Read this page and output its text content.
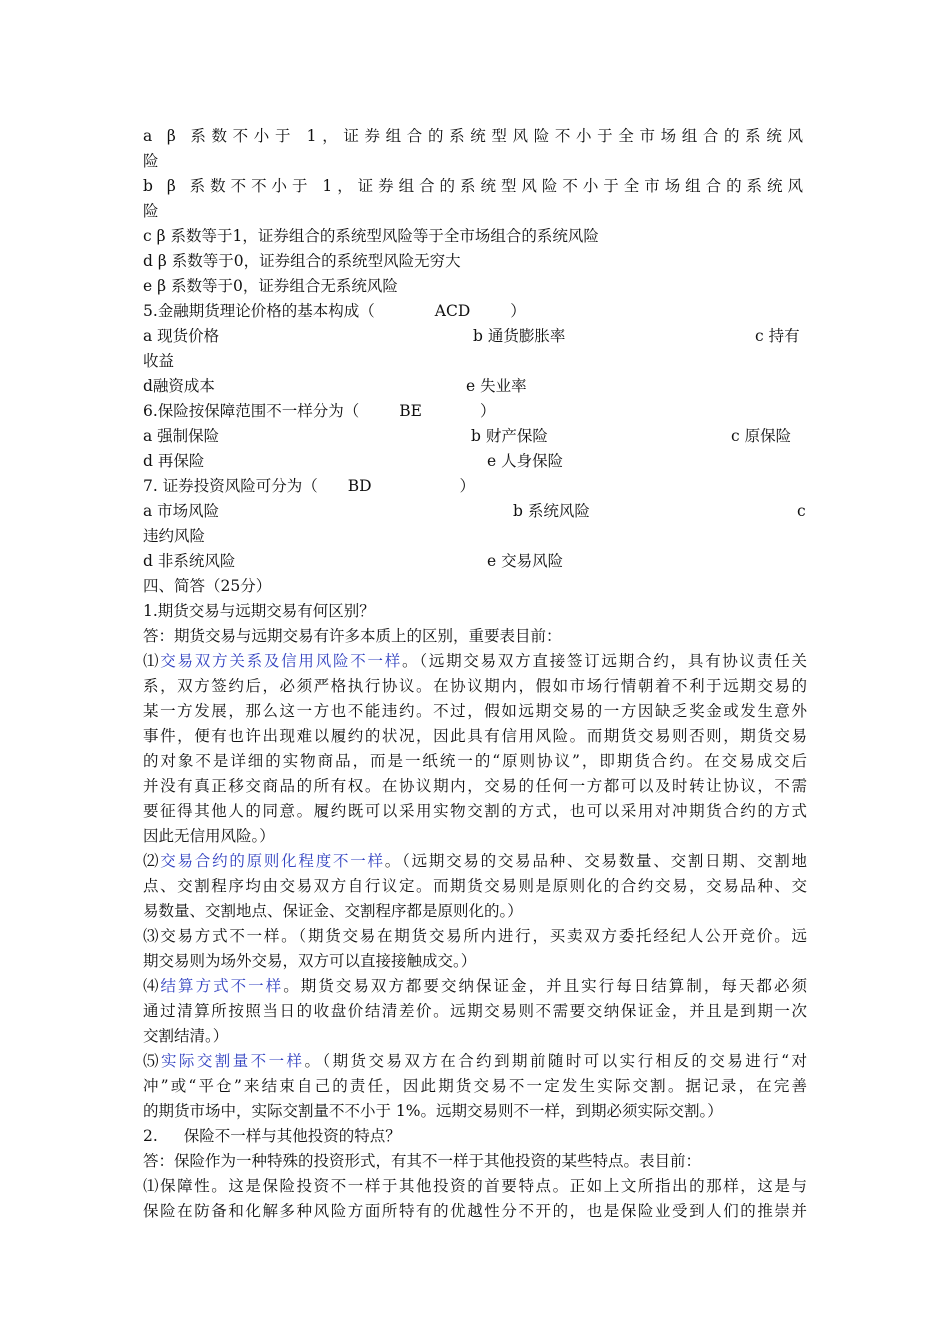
a β 系数不小于 1，证券组合的系统型风险不小于全市场组合的系统风
险
b β 系数不不小于 1，证券组合的系统型风险不小于全市场组合的系统风
险
c β 系数等于1，证券组合的系统型风险等于全市场组合的系统风险
d β 系数等于0，证券组合的系统型风险无穷大
e β 系数等于0，证券组合无系统风险
5.金融期货理论价格的基本构成（	ACD	）
a 现货价格	b 通货膨胀率	c 持有
收益
d融资成本	e 失业率
6.保险按保障范围不一样分为（	BE	）
a 强制保险	b 财产保险	c 原保险
d 再保险	e 人身保险
7. 证券投资风险可分为（ BD	）
a 市场风险	b 系统风险	c
违约风险
d 非系统风险	e 交易风险
四、简答（25分）
1.期货交易与远期交易有何区别？
答：期货交易与远期交易有许多本质上的区别，重要表目前：
⑴交易双方关系及信用风险不一样。（远期交易双方直接签订远期合约，具有协议责任关
系，双方签约后，必须严格执行协议。在协议期内，假如市场行情朝着不利于远期交易的
某一方发展，那么这一方也不能违约。不过，假如远期交易的一方因缺乏奖金或发生意外
事件，便有也许出现难以履约的状况，因此具有信用风险。而期货交易则否则，期货交易
的对象不是详细的实物商品，而是一纸统一的“原则协议”，即期货合约。在交易成交后
并没有真正移交商品的所有权。在协议期内，交易的任何一方都可以及时转让协议，不需
要征得其他人的同意。履约既可以采用实物交割的方式，也可以采用对冲期货合约的方式
因此无信用风险。）
⑵交易合约的原则化程度不一样。（远期交易的交易品种、交易数量、交割日期、交割地
点、交割程序均由交易双方自行议定。而期货交易则是原则化的合约交易，交易品种、交
易数量、交割地点、保证金、交割程序都是原则化的。）
⑶交易方式不一样。（期货交易在期货交易所内进行，买卖双方委托经纪人公开竞价。远
期交易则为场外交易，双方可以直接接触成交。）
⑷结算方式不一样。期货交易双方都要交纳保证金，并且实行每日结算制，每天都必须
通过清算所按照当日的收盘价结清差价。远期交易则不需要交纳保证金，并且是到期一次
交割结清。）
⑸实际交割量不一样。（期货交易双方在合约到期前随时可以实行相反的交易进行“对
冲”或“平仓”来结束自己的责任，因此期货交易不一定发生实际交割。据记录，在完善
的期货市场中，实际交割量不不小于 1%。远期交易则不一样，到期必须实际交割。）
2. 保险不一样与其他投资的特点？
答：保险作为一种特殊的投资形式，有其不一样于其他投资的某些特点。表目前：
⑴保障性。这是保险投资不一样于其他投资的首要特点。正如上文所指出的那样，这是与
保险在防备和化解多种风险方面所特有的优越性分不开的，也是保险业受到人们的推崇并
